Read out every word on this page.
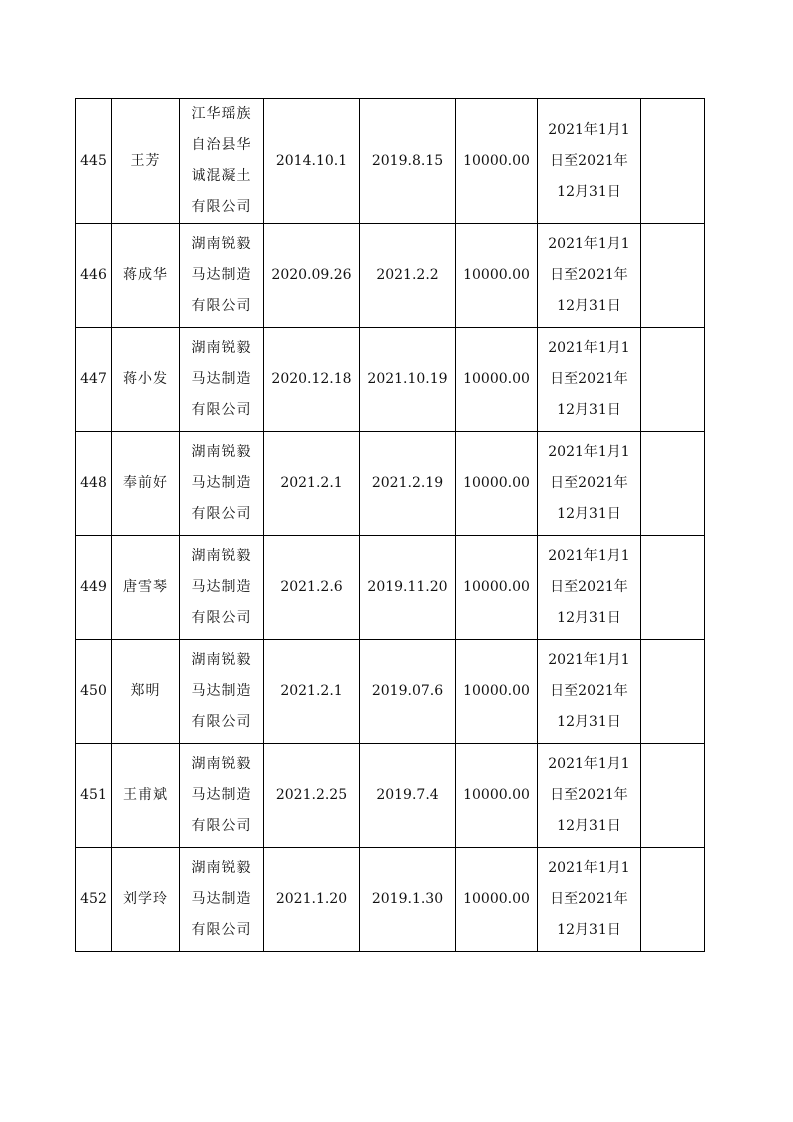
445	王芳	江华瑶族
自治县华
诚混凝土
有限公司	2014.10.1	2019.8.15	10000.00	2021年1月1
日至2021年
12月31日	

446	蒋成华	湖南锐毅
马达制造
有限公司	2020.09.26	2021.2.2	10000.00	2021年1月1
日至2021年
12月31日	

447	蒋小发	湖南锐毅
马达制造
有限公司	2020.12.18	2021.10.19	10000.00	2021年1月1
日至2021年
12月31日	

448	奉前好	湖南锐毅
马达制造
有限公司	2021.2.1	2021.2.19	10000.00	2021年1月1
日至2021年
12月31日	

449	唐雪琴	湖南锐毅
马达制造
有限公司	2021.2.6	2019.11.20	10000.00	2021年1月1
日至2021年
12月31日	

450	郑明	湖南锐毅
马达制造
有限公司	2021.2.1	2019.07.6	10000.00	2021年1月1
日至2021年
12月31日	

451	王甫斌	湖南锐毅
马达制造
有限公司	2021.2.25	2019.7.4	10000.00	2021年1月1
日至2021年
12月31日	

452	刘学玲	湖南锐毅
马达制造
有限公司	2021.1.20	2019.1.30	10000.00	2021年1月1
日至2021年
12月31日	
